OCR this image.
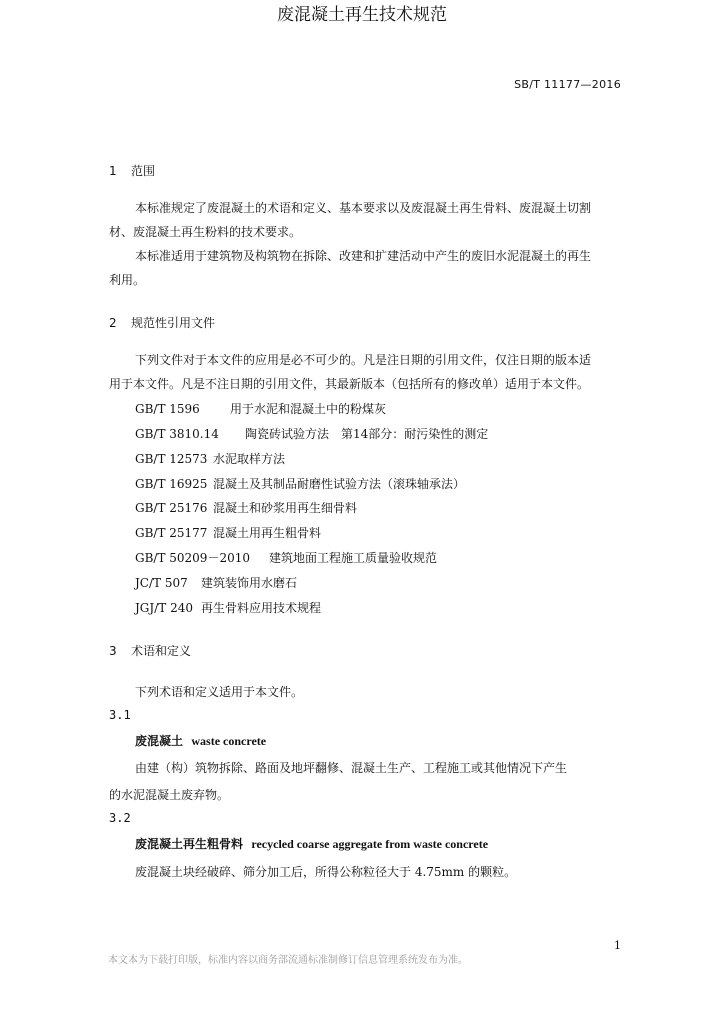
SB/T 11177—2016
废混凝土再生技术规范
1 范围
本标准规定了废混凝土的术语和定义、基本要求以及废混凝土再生骨料、废混凝土切割
材、废混凝土再生粉料的技术要求。
本标准适用于建筑物及构筑物在拆除、改建和扩建活动中产生的废旧水泥混凝土的再生
利用。
2 规范性引用文件
下列文件对于本文件的应用是必不可少的。凡是注日期的引用文件，仅注日期的版本适
用于本文件。凡是不注日期的引用文件，其最新版本（包括所有的修改单）适用于本文件。
GB/T 1596	用于水泥和混凝土中的粉煤灰
GB/T 3810.14 陶瓷砖试验方法　第14部分：耐污染性的测定
GB/T 12573 水泥取样方法
GB/T 16925 混凝土及其制品耐磨性试验方法（滚珠轴承法）
GB/T 25176 混凝土和砂浆用再生细骨料
GB/T 25177 混凝土用再生粗骨料
GB/T 50209－2010 建筑地面工程施工质量验收规范
JC/T 507 建筑装饰用水磨石
JGJ/T 240 再生骨料应用技术规程
3 术语和定义
下列术语和定义适用于本文件。
3.1
废混凝土 waste concrete
由建（构）筑物拆除、路面及地坪翻修、混凝土生产、工程施工或其他情况下产生
的水泥混凝土废弃物。
3.2
废混凝土再生粗骨料 recycled coarse aggregate from waste concrete
废混凝土块经破碎、筛分加工后，所得公称粒径大于 4.75mm 的颗粒。
1
本文本为下载打印版，标准内容以商务部流通标准制修订信息管理系统发布为准。
